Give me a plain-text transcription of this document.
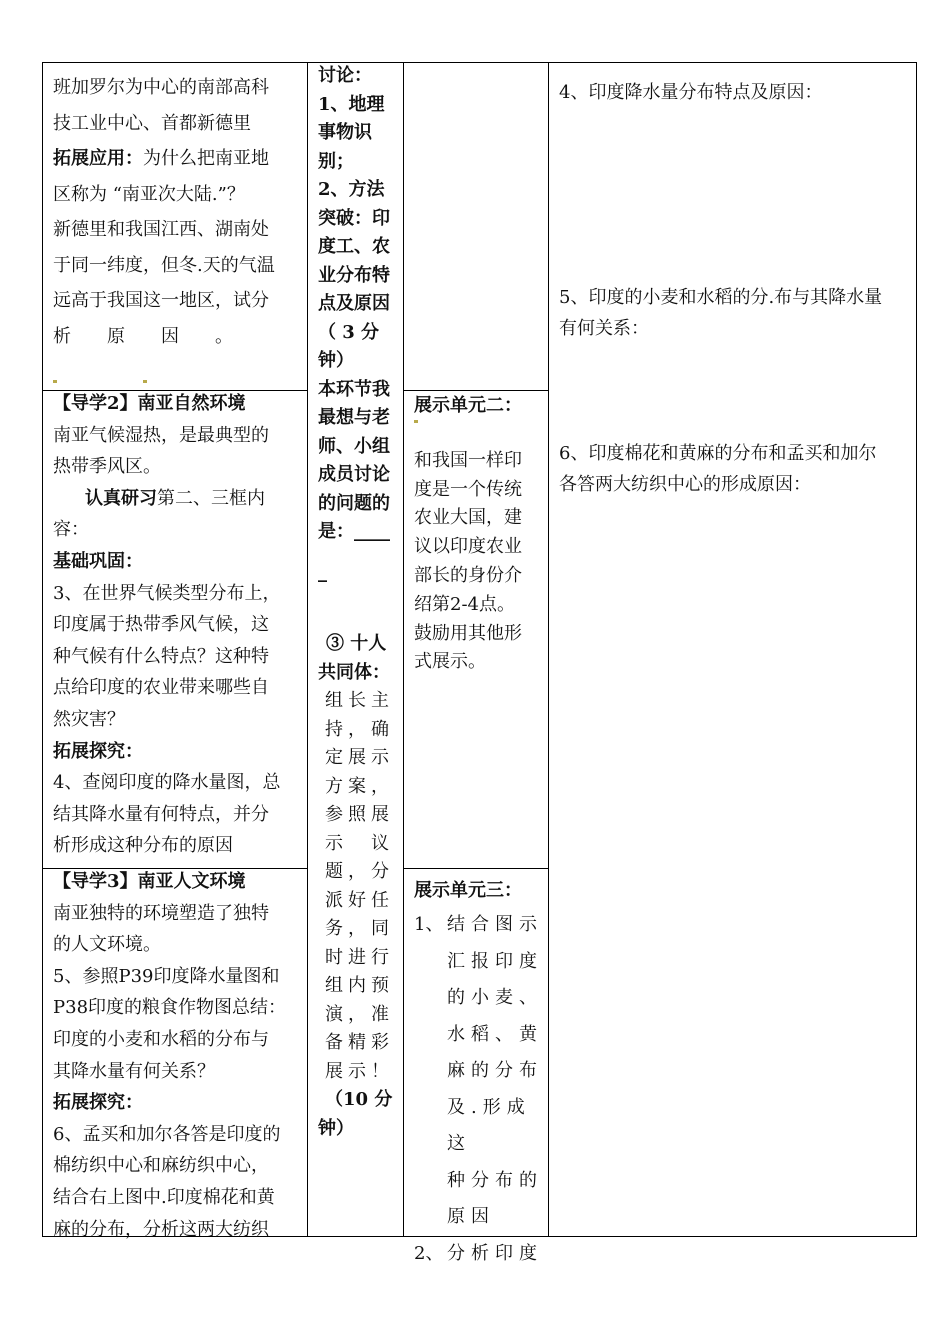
班加罗尔为中心的南部高科

技工业中心、首都新德里

拓展应用：为什么把南亚地

区称为 “南亚次大陆.”？

新德里和我国江西、湖南处

于同一纬度，但冬.天的气温

远高于我国这一地区，试分

析　　原　　因　　。

【导学2】南亚自然环境

南亚气候湿热，是最典型的

热带季风区。

认真研习第二、三框内

容：

基础巩固：

3、在世界气候类型分布上，

印度属于热带季风气候，这

种气候有什么特点？这种特

点给印度的农业带来哪些自

然灾害？

拓展探究：

4、查阅印度的降水量图，总

结其降水量有何特点，并分

析形成这种分布的原因

【导学3】南亚人文环境

南亚独特的环境塑造了独特

的人文环境。

5、参照P39印度降水量图和

P38印度的粮食作物图总结：

印度的小麦和水稻的分布与

其降水量有何关系？

拓展探究：

6、孟买和加尔各答是印度的

棉纺织中心和麻纺织中心，

结合右上图中.印度棉花和黄

麻的分布，分析这两大纺织

讨论：

1、地理

事物识

别；

2、方法

突破：印

度工、农

业分布特

点及原因

（ 3 分

钟）

本环节我

最想与老

师、小组

成员讨论

的问题的

是：____

_

③ 十人

共同体：

组长主

持，确

定展示

方案，

参照展

示　议

题，分

派好任

务，同

时进行

组内预

演，准

备精彩

展示！

（10 分

钟）

展示单元二：

和我国一样印

度是一个传统

农业大国，建

议以印度农业

部长的身份介

绍第2-4点。

鼓励用其他形

式展示。

展示单元三：

1、 结合图示

汇报印度

的小麦、

水稻、黄

麻的分布

及.形成这

种分布的

原因

2、 分析印度

4、印度降水量分布特点及原因：

5、印度的小麦和水稻的分.布与其降水量

有何关系：

6、印度棉花和黄麻的分布和孟买和加尔

各答两大纺织中心的形成原因：
